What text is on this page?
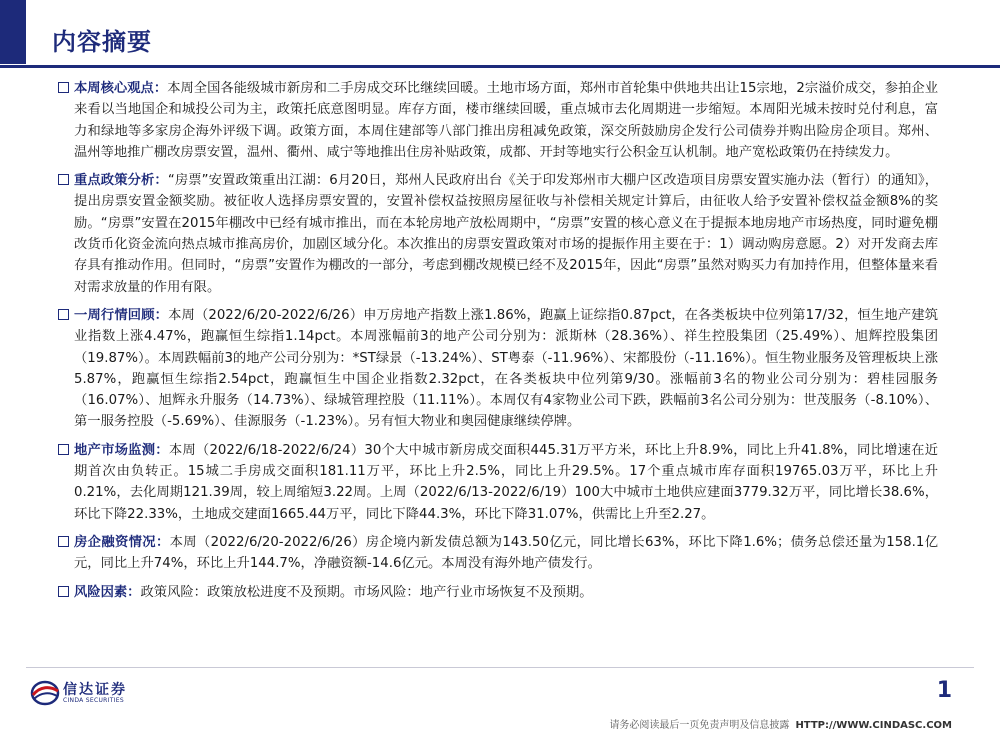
内容摘要
本周核心观点：本周全国各能级城市新房和二手房成交环比继续回暖。土地市场方面，郑州市首轮集中供地共出让15宗地，2宗溢价成交，参拍企业来看以当地国企和城投公司为主，政策托底意图明显。库存方面，楼市继续回暖，重点城市去化周期进一步缩短。本周阳光城未按时兑付利息，富力和绿地等多家房企海外评级下调。政策方面，本周住建部等八部门推出房租减免政策，深交所鼓励房企发行公司债券并购出险房企项目。郑州、温州等地推广棚改房票安置，温州、衢州、咸宁等地推出住房补贴政策，成都、开封等地实行公积金互认机制。地产宽松政策仍在持续发力。
重点政策分析：“房票”安置政策重出江湖：6月20日，郑州人民政府出台《关于印发郑州市大棚户区改造项目房票安置实施办法（暂行）的通知》，提出房票安置金额奖励。被征收人选择房票安置的，安置补偿权益按照房屋征收与补偿相关规定计算后，由征收人给予安置补偿权益金额8%的奖励。“房票”安置在2015年棚改中已经有城市推出，而在本轮房地产放松周期中，“房票”安置的核心意义在于提振本地房地产市场热度，同时避免棚改货币化资金流向热点城市推高房价，加剧区域分化。本次推出的房票安置政策对市场的提振作用主要在于：1）调动购房意愿。2）对开发商去库存具有推动作用。但同时，“房票”安置作为棚改的一部分，考虑到棚改规模已经不及2015年，因此“房票”虽然对购买力有加持作用，但整体量来看对需求放量的作用有限。
一周行情回顾：本周（2022/6/20-2022/6/26）申万房地产指数上涨1.86%，跑赢上证综指0.87pct，在各类板块中位列第17/32，恒生地产建筑业指数上涨4.47%，跑赢恒生综指1.14pct。本周涨幅前3的地产公司分别为：派斯林（28.36%）、祥生控股集团（25.49%）、旭辉控股集团（19.87%）。本周跌幅前3的地产公司分别为：*ST绿景（-13.24%）、ST粤泰（-11.96%）、宋都股份（-11.16%）。恒生物业服务及管理板块上涨5.87%，跑赢恒生综指2.54pct，跑赢恒生中国企业指数2.32pct，在各类板块中位列第9/30。涨幅前3名的物业公司分别为：碧桂园服务（16.07%）、旭辉永升服务（14.73%）、绿城管理控股（11.11%）。本周仅有4家物业公司下跌，跌幅前3名公司分别为：世茂服务（-8.10%）、第一服务控股（-5.69%）、佳源服务（-1.23%）。另有恒大物业和奥园健康继续停牌。
地产市场监测：本周（2022/6/18-2022/6/24）30个大中城市新房成交面积445.31万平方米，环比上升8.9%，同比上升41.8%，同比增速在近期首次由负转正。15城二手房成交面积181.11万平，环比上升2.5%，同比上升29.5%。17个重点城市库存面积19765.03万平，环比上升0.21%，去化周期121.39周，较上周缩短3.22周。上周（2022/6/13-2022/6/19）100大中城市土地供应建面3779.32万平，同比增长38.6%，环比下降22.33%，土地成交建面1665.44万平，同比下降44.3%，环比下降31.07%，供需比上升至2.27。
房企融资情况：本周（2022/6/20-2022/6/26）房企境内新发债总额为143.50亿元，同比增长63%，环比下降1.6%；债务总偿还量为158.1亿元，同比上升74%，环比上升144.7%，净融资额-14.6亿元。本周没有海外地产债发行。
风险因素：政策风险：政策放松进度不及预期。市场风险：地产行业市场恢复不及预期。
信达证券
CINDA SECURITIES	1
请务必阅读最后一页免责声明及信息披露 HTTP://WWW.CINDASC.COM
